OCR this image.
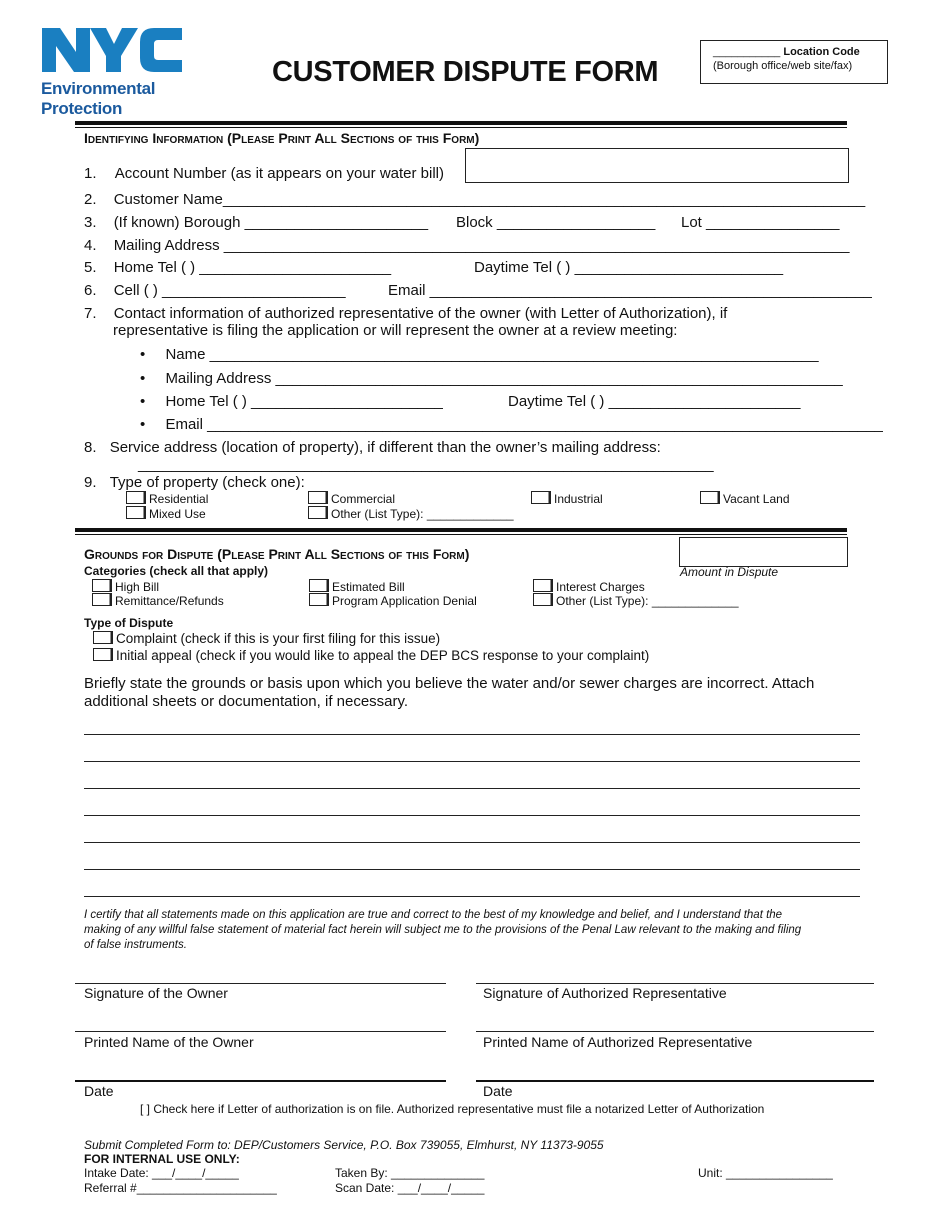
Environmental
Protection
CUSTOMER DISPUTE FORM
___________ Location Code
(Borough office/web site/fax)
Identifying Information (Please Print All Sections of this Form)
1. Account Number (as it appears on your water bill)
2. Customer Name_____________________________________________________________________________
3. (If known) Borough ______________________ Block ___________________ Lot ________________
4. Mailing Address ___________________________________________________________________________
5. Home Tel ( ) _______________________	Daytime Tel ( ) _________________________
6. Cell ( ) ______________________	Email _____________________________________________________
7. Contact information of authorized representative of the owner (with Letter of Authorization), if
representative is filing the application or will represent the owner at a review meeting:
• Name _________________________________________________________________________
• Mailing Address ____________________________________________________________________
• Home Tel ( ) _______________________	Daytime Tel ( ) _______________________
• Email _________________________________________________________________________________
8. Service address (location of property), if different than the owner’s mailing address:
_____________________________________________________________________
9. Type of property (check one):
Residential	Commercial	Industrial	Vacant Land
Mixed Use	Other (List Type): _____________
Grounds for Dispute (Please Print All Sections of this Form)
Amount in Dispute
Categories (check all that apply)
High Bill	Estimated Bill	Interest Charges
Remittance/Refunds	Program Application Denial	Other (List Type): _____________
Type of Dispute
Complaint (check if this is your first filing for this issue)
Initial appeal (check if you would like to appeal the DEP BCS response to your complaint)
Briefly state the grounds or basis upon which you believe the water and/or sewer charges are incorrect. Attach
additional sheets or documentation, if necessary.
I certify that all statements made on this application are true and correct to the best of my knowledge and belief, and I understand that the
making of any willful false statement of material fact herein will subject me to the provisions of the Penal Law relevant to the making and filing
of false instruments.
Signature of the Owner	Signature of Authorized Representative
Printed Name of the Owner	Printed Name of Authorized Representative
Date	Date
[ ] Check here if Letter of authorization is on file. Authorized representative must file a notarized Letter of Authorization
Submit Completed Form to: DEP/Customers Service, P.O. Box 739055, Elmhurst, NY 11373-9055
FOR INTERNAL USE ONLY:
Intake Date: ___/____/_____	Taken By: ______________	Unit: ________________
Referral #_____________________	Scan Date: ___/____/_____
